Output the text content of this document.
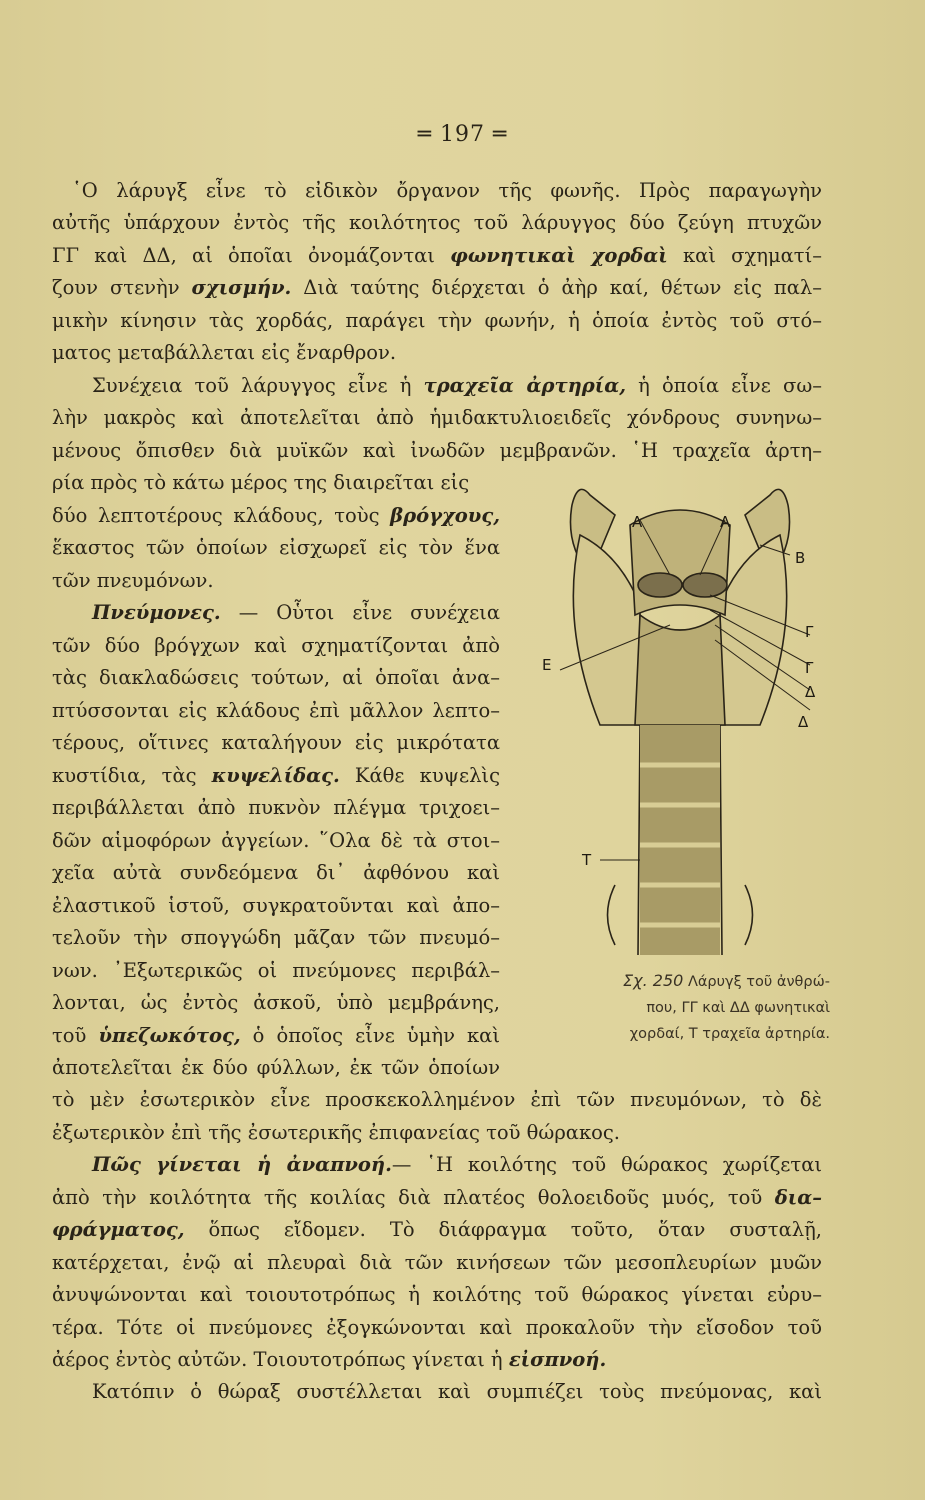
═ 197 ═
῾Ο λάρυγξ εἶνε τὸ εἰδικὸν ὄργανον τῆς φωνῆς. Πρὸς παραγωγὴν
αὐτῆς ὑπάρχουν ἐντὸς τῆς κοιλότητος τοῦ λάρυγγος δύο ζεύγη πτυχῶν
ΓΓ καὶ ΔΔ, αἱ ὁποῖαι ὀνομάζονται φωνητικαὶ χορδαὶ καὶ σχηματί–
ζουν στενὴν σχισμήν. Διὰ ταύτης διέρχεται ὁ ἀὴρ καί, θέτων εἰς παλ–
μικὴν κίνησιν τὰς χορδάς, παράγει τὴν φωνήν, ἡ ὁποία ἐντὸς τοῦ στό–
ματος μεταβάλλεται εἰς ἔναρθρον.
Συνέχεια τοῦ λάρυγγος εἶνε ἡ τραχεῖα ἀρτηρία, ἡ ὁποία εἶνε σω–
λὴν μακρὸς καὶ ἀποτελεῖται ἀπὸ ἡμιδακτυλιοειδεῖς χόνδρους συνηνω–
μένους ὄπισθεν διὰ μυϊκῶν καὶ ἰνωδῶν μεμβρανῶν. ῾Η τραχεῖα ἀρτη–
ρία πρὸς τὸ κάτω μέρος της διαιρεῖται εἰς
δύο λεπτοτέρους κλάδους, τοὺς βρόγχους,
ἕκαστος τῶν ὁποίων εἰσχωρεῖ εἰς τὸν ἕνα
τῶν πνευμόνων.
Πνεύμονες. — Οὗτοι εἶνε συνέχεια
τῶν δύο βρόγχων καὶ σχηματίζονται ἀπὸ
τὰς διακλαδώσεις τούτων, αἱ ὁποῖαι ἀνα–
πτύσσονται εἰς κλάδους ἐπὶ μᾶλλον λεπτο–
τέρους, οἵτινες καταλήγουν εἰς μικρότατα
κυστίδια, τὰς κυψελίδας. Κάθε κυψελὶς
περιβάλλεται ἀπὸ πυκνὸν πλέγμα τριχοει–
δῶν αἱμοφόρων ἀγγείων. ῞Ολα δὲ τὰ στοι–
χεῖα αὐτὰ συνδεόμενα δι᾽ ἀφθόνου καὶ
ἐλαστικοῦ ἱστοῦ, συγκρατοῦνται καὶ ἀπο–
τελοῦν τὴν σπογγώδη μᾶζαν τῶν πνευμό–
νων. ᾽Εξωτερικῶς οἱ πνεύμονες περιβάλ–
λονται, ὡς ἐντὸς ἀσκοῦ, ὑπὸ μεμβράνης,
τοῦ ὑπεζωκότος, ὁ ὁποῖος εἶνε ὑμὴν καὶ
ἀποτελεῖται ἐκ δύο φύλλων, ἐκ τῶν ὁποίων
τὸ μὲν ἐσωτερικὸν εἶνε προσκεκολλημένον ἐπὶ τῶν πνευμόνων, τὸ δὲ
ἐξωτερικὸν ἐπὶ τῆς ἐσωτερικῆς ἐπιφανείας τοῦ θώρακος.
Πῶς γίνεται ἡ ἀναπνοή.— ῾Η κοιλότης τοῦ θώρακος χωρίζεται
ἀπὸ τὴν κοιλότητα τῆς κοιλίας διὰ πλατέος θολοειδοῦς μυός, τοῦ δια–
φράγματος, ὅπως εἴδομεν. Τὸ διάφραγμα τοῦτο, ὅταν συσταλῇ,
κατέρχεται, ἐνῷ αἱ πλευραὶ διὰ τῶν κινήσεων τῶν μεσοπλευρίων μυῶν
ἀνυψώνονται καὶ τοιουτοτρόπως ἡ κοιλότης τοῦ θώρακος γίνεται εὐρυ–
τέρα. Τότε οἱ πνεύμονες ἐξογκώνονται καὶ προκαλοῦν τὴν εἴσοδον τοῦ
ἀέρος ἐντὸς αὐτῶν. Τοιουτοτρόπως γίνεται ἡ εἰσπνοή.
Κατόπιν ὁ θώραξ συστέλλεται καὶ συμπιέζει τοὺς πνεύμονας, καὶ
Α	Α
Β
Γ
Γ
Δ
Δ
Ε
Τ
Σχ. 250 Λάρυγξ τοῦ ἀνθρώ-
που, ΓΓ καὶ ΔΔ φωνητικαὶ
χορδαί, Τ τραχεῖα ἀρτηρία.
